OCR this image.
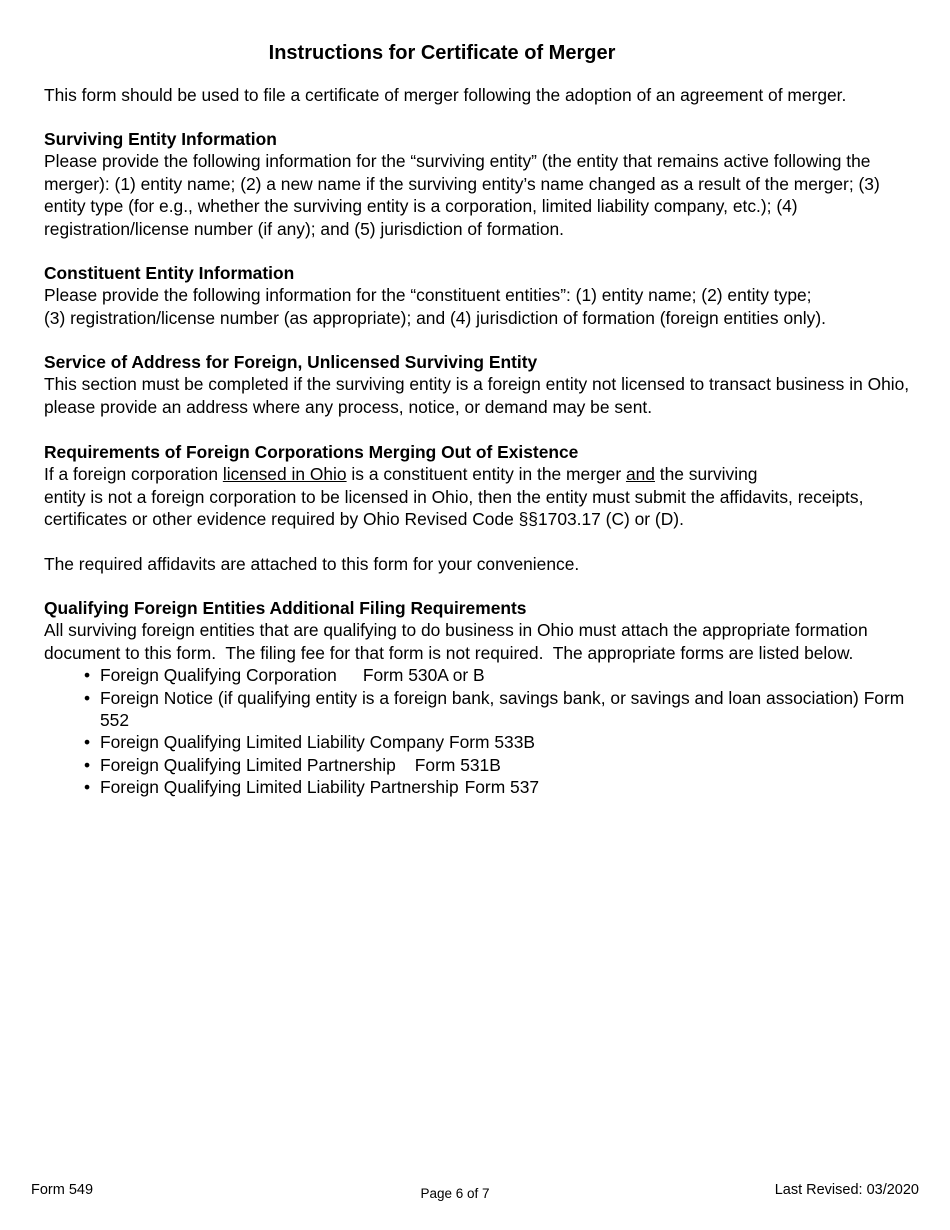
Instructions for Certificate of Merger

This form should be used to file a certificate of merger following the adoption of an agreement of merger.

Surviving Entity Information

Please provide the following information for the “surviving entity” (the entity that remains active following the merger): (1) entity name; (2) a new name if the surviving entity’s name changed as a result of the merger; (3) entity type (for e.g., whether the surviving entity is a corporation, limited liability company, etc.); (4) registration/license number (if any); and (5) jurisdiction of formation.

Constituent Entity Information

Please provide the following information for the “constituent entities”: (1) entity name; (2) entity type;

(3) registration/license number (as appropriate); and (4) jurisdiction of formation (foreign entities only).

Service of Address for Foreign, Unlicensed Surviving Entity

This section must be completed if the surviving entity is a foreign entity not licensed to transact business in Ohio, please provide an address where any process, notice, or demand may be sent.

Requirements of Foreign Corporations Merging Out of Existence

If a foreign corporation licensed in Ohio is a constituent entity in the merger and the surviving

entity is not a foreign corporation to be licensed in Ohio, then the entity must submit the affidavits, receipts, certificates or other evidence required by Ohio Revised Code §§1703.17 (C) or (D).

The required affidavits are attached to this form for your convenience.

Qualifying Foreign Entities Additional Filing Requirements

All surviving foreign entities that are qualifying to do business in Ohio must attach the appropriate formation document to this form.  The filing fee for that form is not required.  The appropriate forms are listed below.

• Foreign Qualifying Corporation Form 530A or B
• Foreign Notice (if qualifying entity is a foreign bank, savings bank, or savings and loan association) Form 552
• Foreign Qualifying Limited Liability Company Form 533B
• Foreign Qualifying Limited Partnership Form 531B
• Foreign Qualifying Limited Liability Partnership Form 537
Form 549	Page 6 of 7	Last Revised: 03/2020
